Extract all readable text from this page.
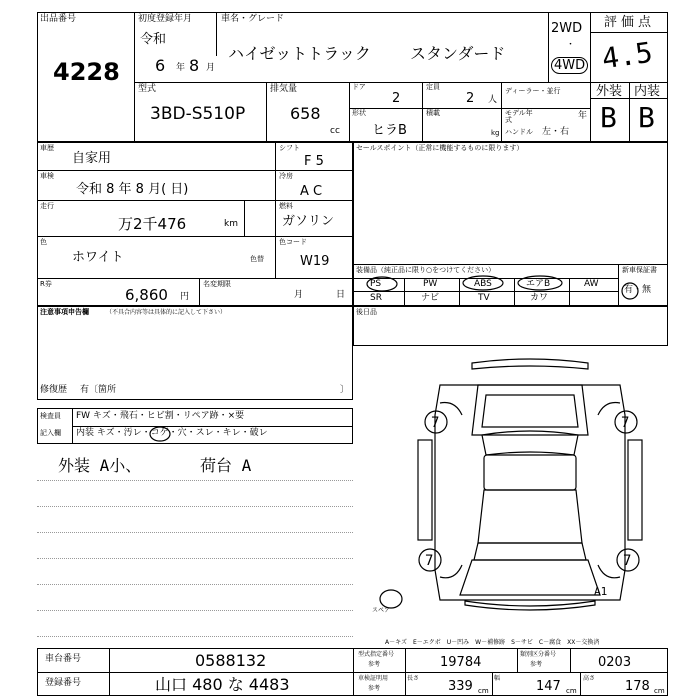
出品番号
4228
初度登録年月
令和
6 年 8 月
車名・グレード
ハイゼットトラック スタンダード
2WD
・
4WD
評価点
4.5
外装 内装
B B
型式
3BD-S510P
排気量
658
cc
ドア
2
定員
2 人
ディーラー・並行
モデル年式	年
形状
ヒラB
積載
kg ハンドル 左・右
車歴
自家用
車検
令和 8 年 8 月( 日)
走行
万2千476	km
シフト
F 5
冷房
A C
燃料
ガソリン
色
ホワイト	色替
色コード
W19
R券
6,860 円
名変期限
月	日
セールスポイント（正常に機能するものに限ります）
装備品（純正品に限り○をつけてください）
PS	PW	ABS	エアB	AW
SR	ナビ	TV	カワ
新車保証書
有・無
注意事項申告欄	（不具合内容等は具体的に記入して下さい）
修復歴 有〔箇所	〕
後日品
検査員
記入欄
FW キズ・飛石・ヒビ割・リペア跡・×要
内装 キズ・汚レ・コゲ・穴・スレ・キレ・破レ
外装 A小、	荷台 A
7	7
7	7
A1
スペア
A－キズ　E－エクボ　U－凹み　W－補修跡　S－サビ　C－腐食　XX－交換済
車台番号	0588132
登録番号	山口 480 な 4483
型式指定番号
参考	19784
類別区分番号
参考	0203
車検証明用
参考
長さ
339 cm
幅
147 cm
高さ
178 cm
